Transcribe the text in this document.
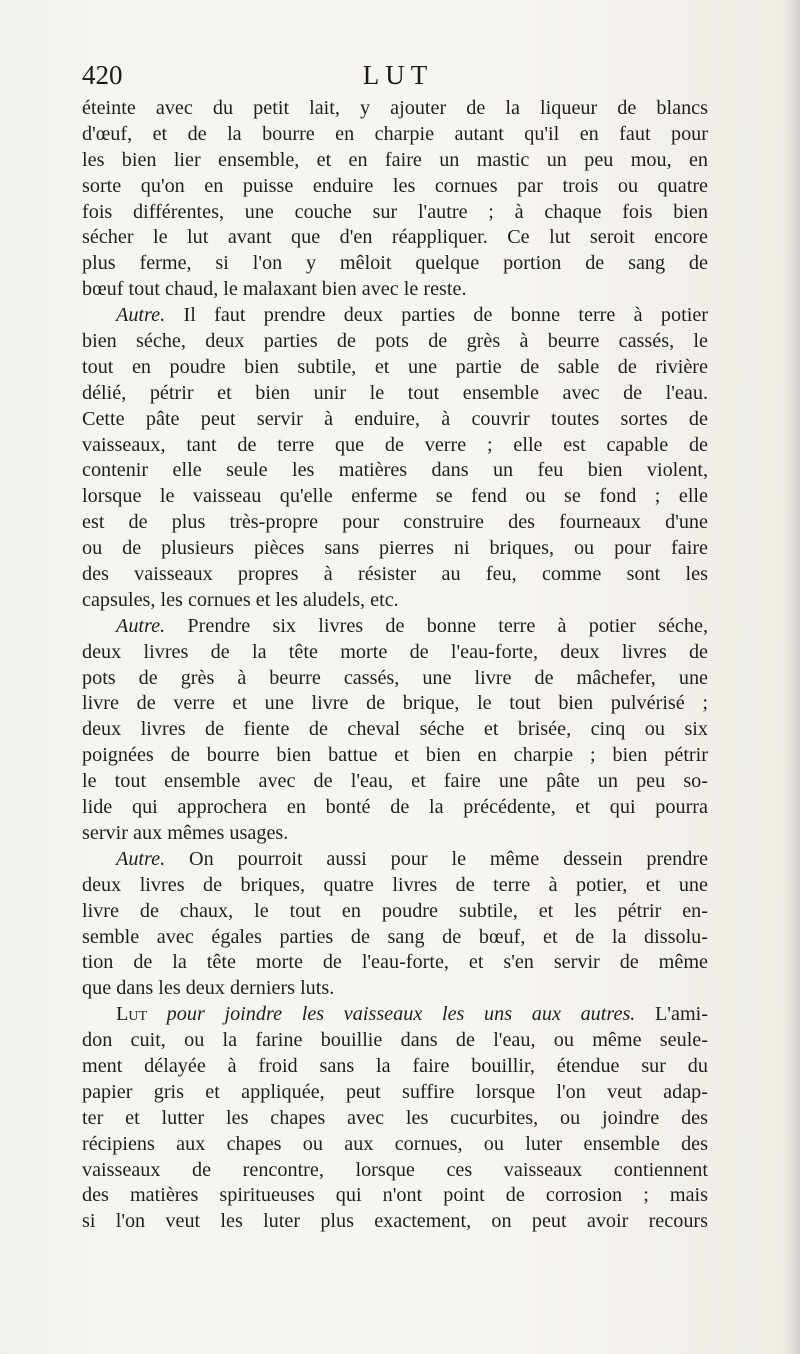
420	LUT
éteinte avec du petit lait, y ajouter de la liqueur de blancs
d'œuf, et de la bourre en charpie autant qu'il en faut pour
les bien lier ensemble, et en faire un mastic un peu mou, en
sorte qu'on en puisse enduire les cornues par trois ou quatre
fois différentes, une couche sur l'autre ; à chaque fois bien
sécher le lut avant que d'en réappliquer. Ce lut seroit encore
plus ferme, si l'on y mêloit quelque portion de sang de
bœuf tout chaud, le malaxant bien avec le reste.
Autre. Il faut prendre deux parties de bonne terre à potier
bien séche, deux parties de pots de grès à beurre cassés, le
tout en poudre bien subtile, et une partie de sable de rivière
délié, pétrir et bien unir le tout ensemble avec de l'eau.
Cette pâte peut servir à enduire, à couvrir toutes sortes de
vaisseaux, tant de terre que de verre ; elle est capable de
contenir elle seule les matières dans un feu bien violent,
lorsque le vaisseau qu'elle enferme se fend ou se fond ; elle
est de plus très-propre pour construire des fourneaux d'une
ou de plusieurs pièces sans pierres ni briques, ou pour faire
des vaisseaux propres à résister au feu, comme sont les
capsules, les cornues et les aludels, etc.
Autre. Prendre six livres de bonne terre à potier séche,
deux livres de la tête morte de l'eau-forte, deux livres de
pots de grès à beurre cassés, une livre de mâchefer, une
livre de verre et une livre de brique, le tout bien pulvérisé ;
deux livres de fiente de cheval séche et brisée, cinq ou six
poignées de bourre bien battue et bien en charpie ; bien pétrir
le tout ensemble avec de l'eau, et faire une pâte un peu so-
lide qui approchera en bonté de la précédente, et qui pourra
servir aux mêmes usages.
Autre. On pourroit aussi pour le même dessein prendre
deux livres de briques, quatre livres de terre à potier, et une
livre de chaux, le tout en poudre subtile, et les pétrir en-
semble avec égales parties de sang de bœuf, et de la dissolu-
tion de la tête morte de l'eau-forte, et s'en servir de même
que dans les deux derniers luts.
Lut pour joindre les vaisseaux les uns aux autres. L'ami-
don cuit, ou la farine bouillie dans de l'eau, ou même seule-
ment délayée à froid sans la faire bouillir, étendue sur du
papier gris et appliquée, peut suffire lorsque l'on veut adap-
ter et lutter les chapes avec les cucurbites, ou joindre des
récipiens aux chapes ou aux cornues, ou luter ensemble des
vaisseaux de rencontre, lorsque ces vaisseaux contiennent
des matières spiritueuses qui n'ont point de corrosion ; mais
si l'on veut les luter plus exactement, on peut avoir recours
